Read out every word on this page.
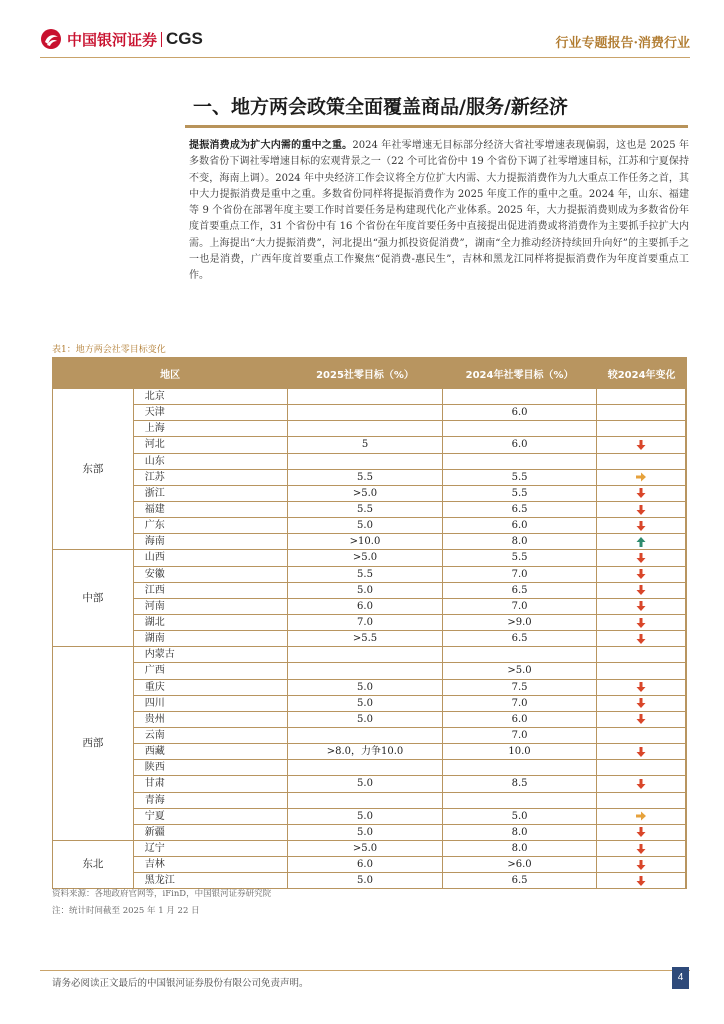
中国银河证券 CGS	行业专题报告·消费行业
一、地方两会政策全面覆盖商品/服务/新经济
提振消费成为扩大内需的重中之重。2024 年社零增速无目标部分经济大省社零增速表现偏弱，这也是 2025 年多数省份下调社零增速目标的宏观背景之一（22 个可比省份中 19 个省份下调了社零增速目标，江苏和宁夏保持不变，海南上调）。2024 年中央经济工作会议将全方位扩大内需、大力提振消费作为九大重点工作任务之首，其中大力提振消费是重中之重。多数省份同样将提振消费作为 2025 年度工作的重中之重。2024 年，山东、福建等 9 个省份在部署年度主要工作时首要任务是构建现代化产业体系。2025 年，大力提振消费则成为多数省份年度首要重点工作，31 个省份中有 16 个省份在年度首要任务中直接提出促进消费或将消费作为主要抓手拉扩大内需。上海提出“大力提振消费”，河北提出“强力抓投资促消费”，湖南“全力推动经济持续回升向好”的主要抓手之一也是消费，广西年度首要重点工作聚焦“促消费-惠民生”，吉林和黑龙江同样将提振消费作为年度首要重点工作。
表1：地方两会社零目标变化
地区		2025社零目标（%）	2024年社零目标（%）	较2024年变化	
东部	北京				
	天津		6.0		
	上海				
	河北	5	6.0		
	山东				
	江苏	5.5	5.5		
	浙江	>5.0	5.5		
	福建	5.5	6.5		
	广东	5.0	6.0		
	海南	>10.0	8.0		
中部	山西	>5.0	5.5		
	安徽	5.5	7.0		
	江西	5.0	6.5		
	河南	6.0	7.0		
	湖北	7.0	>9.0		
	湖南	>5.5	6.5		
西部	内蒙古				
	广西		>5.0		
	重庆	5.0	7.5		
	四川	5.0	7.0		
	贵州	5.0	6.0		
	云南		7.0		
	西藏	>8.0，力争10.0	10.0		
	陕西				
	甘肃	5.0	8.5		
	青海				
	宁夏	5.0	5.0		
	新疆	5.0	8.0		
东北	辽宁	>5.0	8.0		
	吉林	6.0	>6.0		
	黑龙江	5.0	6.5		
资料来源：各地政府官网等，iFinD，中国银河证券研究院
注：统计时间截至 2025 年 1 月 22 日
请务必阅读正文最后的中国银河证券股份有限公司免责声明。
4
